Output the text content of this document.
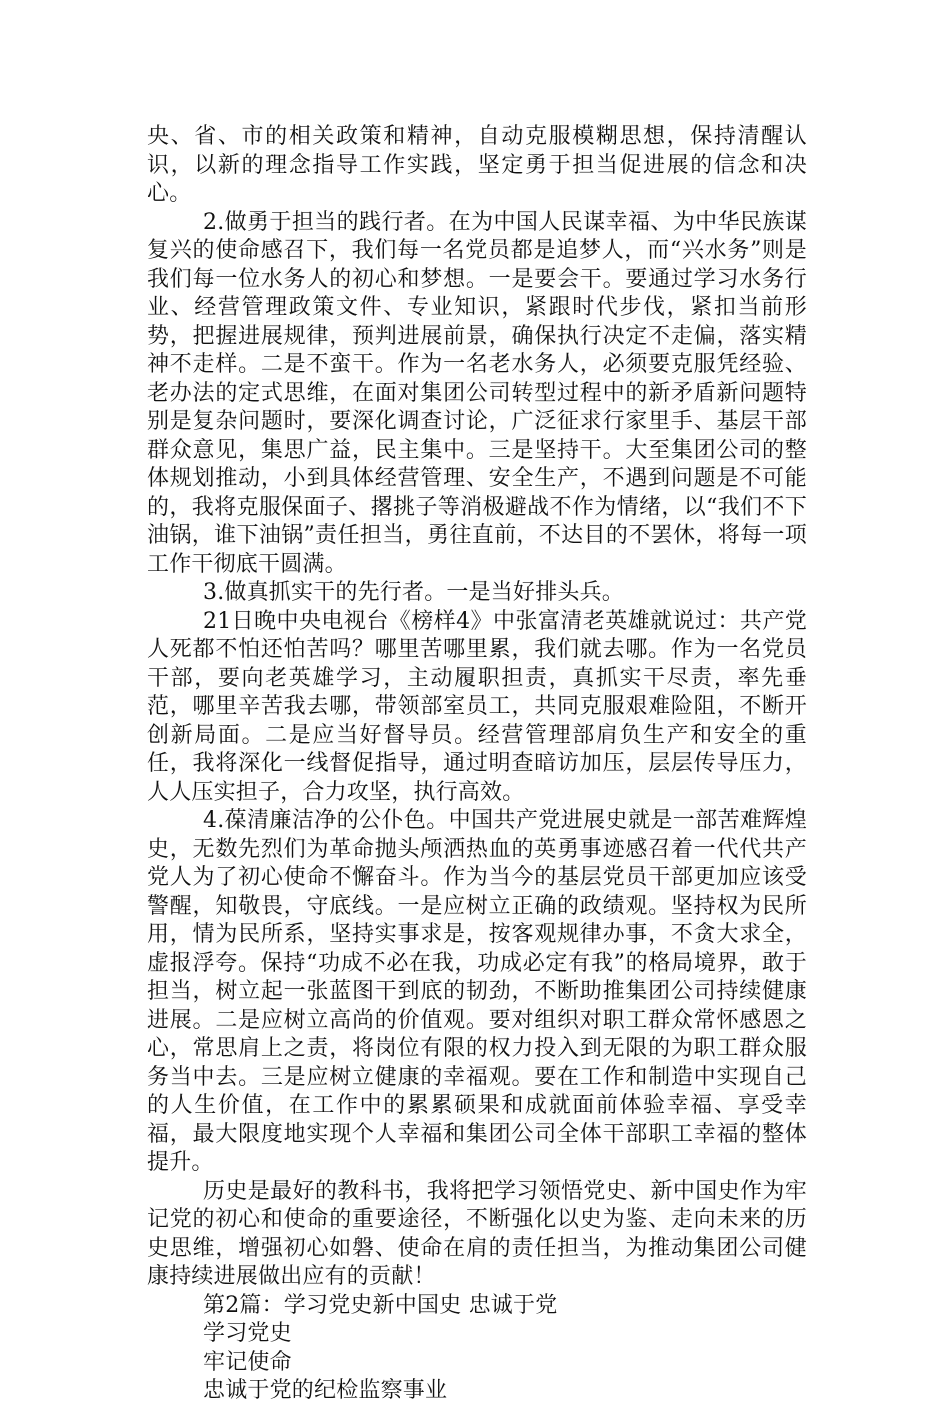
央、省、市的相关政策和精神，自动克服模糊思想，保持清醒认识，以新的理念指导工作实践，坚定勇于担当促进展的信念和决心。

2.做勇于担当的践行者。在为中国人民谋幸福、为中华民族谋复兴的使命感召下，我们每一名党员都是追梦人，而“兴水务”则是我们每一位水务人的初心和梦想。一是要会干。要通过学习水务行业、经营管理政策文件、专业知识，紧跟时代步伐，紧扣当前形势，把握进展规律，预判进展前景，确保执行决定不走偏，落实精神不走样。二是不蛮干。作为一名老水务人，必须要克服凭经验、老办法的定式思维，在面对集团公司转型过程中的新矛盾新问题特别是复杂问题时，要深化调查讨论，广泛征求行家里手、基层干部群众意见，集思广益，民主集中。三是坚持干。大至集团公司的整体规划推动，小到具体经营管理、安全生产，不遇到问题是不可能的，我将克服保面子、撂挑子等消极避战不作为情绪，以“我们不下油锅，谁下油锅”责任担当，勇往直前，不达目的不罢休，将每一项工作干彻底干圆满。

3.做真抓实干的先行者。一是当好排头兵。

21日晚中央电视台《榜样4》中张富清老英雄就说过：共产党人死都不怕还怕苦吗？哪里苦哪里累，我们就去哪。作为一名党员干部，要向老英雄学习，主动履职担责，真抓实干尽责，率先垂范，哪里辛苦我去哪，带领部室员工，共同克服艰难险阻，不断开创新局面。二是应当好督导员。经营管理部肩负生产和安全的重任，我将深化一线督促指导，通过明查暗访加压，层层传导压力，人人压实担子，合力攻坚，执行高效。

4.葆清廉洁净的公仆色。中国共产党进展史就是一部苦难辉煌史，无数先烈们为革命抛头颅洒热血的英勇事迹感召着一代代共产党人为了初心使命不懈奋斗。作为当今的基层党员干部更加应该受警醒，知敬畏，守底线。一是应树立正确的政绩观。坚持权为民所用，情为民所系，坚持实事求是，按客观规律办事，不贪大求全，虚报浮夸。保持“功成不必在我，功成必定有我”的格局境界，敢于担当，树立起一张蓝图干到底的韧劲，不断助推集团公司持续健康进展。二是应树立高尚的价值观。要对组织对职工群众常怀感恩之心，常思肩上之责，将岗位有限的权力投入到无限的为职工群众服务当中去。三是应树立健康的幸福观。要在工作和制造中实现自己的人生价值，在工作中的累累硕果和成就面前体验幸福、享受幸福，最大限度地实现个人幸福和集团公司全体干部职工幸福的整体提升。

历史是最好的教科书，我将把学习领悟党史、新中国史作为牢记党的初心和使命的重要途径，不断强化以史为鉴、走向未来的历史思维，增强初心如磐、使命在肩的责任担当，为推动集团公司健康持续进展做出应有的贡献！

第2篇：学习党史新中国史 忠诚于党

学习党史

牢记使命

忠诚于党的纪检监察事业
